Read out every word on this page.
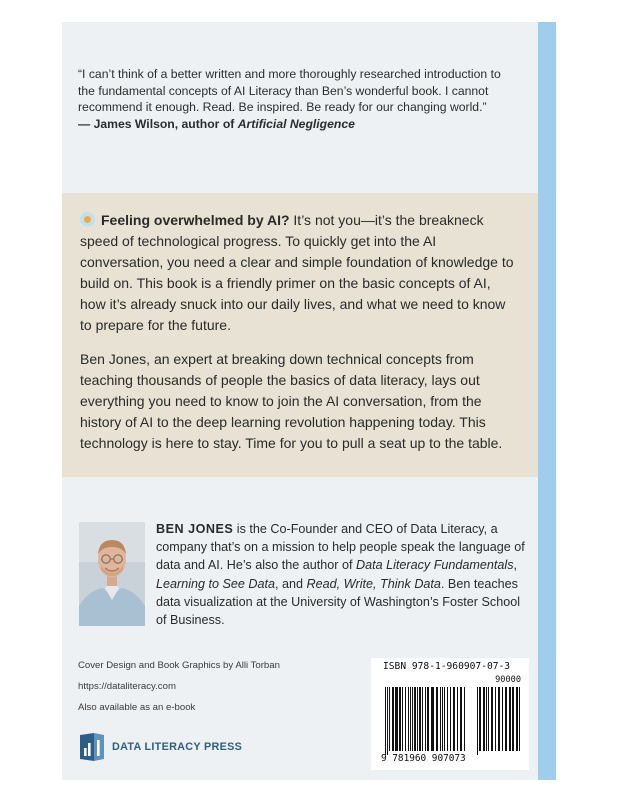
“I can’t think of a better written and more thoroughly researched introduction to the fundamental concepts of AI Literacy than Ben’s wonderful book. I cannot recommend it enough. Read. Be inspired. Be ready for our changing world.”
— James Wilson, author of Artificial Negligence
Feeling overwhelmed by AI? It’s not you—it’s the breakneck speed of technological progress. To quickly get into the AI conversation, you need a clear and simple foundation of knowledge to build on. This book is a friendly primer on the basic concepts of AI, how it’s already snuck into our daily lives, and what we need to know to prepare for the future.
Ben Jones, an expert at breaking down technical concepts from teaching thousands of people the basics of data literacy, lays out everything you need to know to join the AI conversation, from the history of AI to the deep learning revolution happening today. This technology is here to stay. Time for you to pull a seat up to the table.
BEN JONES is the Co-Founder and CEO of Data Literacy, a company that’s on a mission to help people speak the language of data and AI. He’s also the author of Data Literacy Fundamentals, Learning to See Data, and Read, Write, Think Data. Ben teaches data visualization at the University of Washington’s Foster School of Business.
Cover Design and Book Graphics by Alli Torban
https://dataliteracy.com
Also available as an e-book
DATA LITERACY PRESS
ISBN 978-1-960907-07-3
90000
9 781960 907073
